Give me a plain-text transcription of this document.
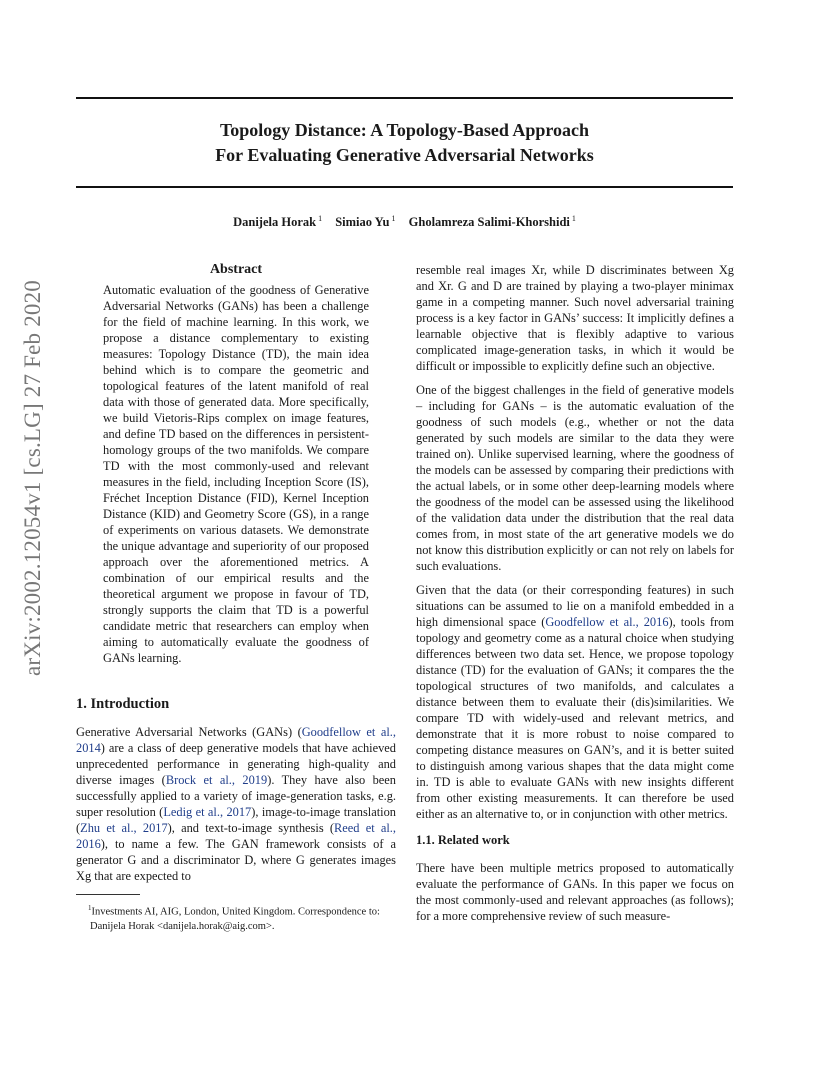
Topology Distance: A Topology-Based Approach
For Evaluating Generative Adversarial Networks
Danijela Horak $^1$ Simiao Yu $^1$ Gholamreza Salimi-Khorshidi $^1$
arXiv:2002.12054v1 [cs.LG] 27 Feb 2020
Abstract
Automatic evaluation of the goodness of Generative Adversarial Networks (GANs) has been a challenge for the field of machine learning. In this work, we propose a distance complementary to existing measures: Topology Distance (TD), the main idea behind which is to compare the geometric and topological features of the latent manifold of real data with those of generated data. More specifically, we build Vietoris-Rips complex on image features, and define TD based on the differences in persistent-homology groups of the two manifolds. We compare TD with the most commonly-used and relevant measures in the field, including Inception Score (IS), Fréchet Inception Distance (FID), Kernel Inception Distance (KID) and Geometry Score (GS), in a range of experiments on various datasets. We demonstrate the unique advantage and superiority of our proposed approach over the aforementioned metrics. A combination of our empirical results and the theoretical argument we propose in favour of TD, strongly supports the claim that TD is a powerful candidate metric that researchers can employ when aiming to automatically evaluate the goodness of GANs learning.
1. Introduction

Generative Adversarial Networks (GANs) (Goodfellow et al., 2014) are a class of deep generative models that have achieved unprecedented performance in generating high-quality and diverse images (Brock et al., 2019). They have also been successfully applied to a variety of image-generation tasks, e.g. super resolution (Ledig et al., 2017), image-to-image translation (Zhu et al., 2017), and text-to-image synthesis (Reed et al., 2016), to name a few. The GAN framework consists of a generator G and a discriminator D, where G generates images Xg that are expected to

$^1$Investments AI, AIG, London, United Kingdom. Correspondence to: Danijela Horak <danijela.horak@aig.com>.

resemble real images Xr, while D discriminates between Xg and Xr. G and D are trained by playing a two-player minimax game in a competing manner. Such novel adversarial training process is a key factor in GANs’ success: It implicitly defines a learnable objective that is flexibly adaptive to various complicated image-generation tasks, in which it would be difficult or impossible to explicitly define such an objective.

One of the biggest challenges in the field of generative models – including for GANs – is the automatic evaluation of the goodness of such models (e.g., whether or not the data generated by such models are similar to the data they were trained on). Unlike supervised learning, where the goodness of the models can be assessed by comparing their predictions with the actual labels, or in some other deep-learning models where the goodness of the model can be assessed using the likelihood of the validation data under the distribution that the real data comes from, in most state of the art generative models we do not know this distribution explicitly or can not rely on labels for such evaluations.

Given that the data (or their corresponding features) in such situations can be assumed to lie on a manifold embedded in a high dimensional space (Goodfellow et al., 2016), tools from topology and geometry come as a natural choice when studying differences between two data set. Hence, we propose topology distance (TD) for the evaluation of GANs; it compares the the topological structures of two manifolds, and calculates a distance between them to evaluate their (dis)similarities. We compare TD with widely-used and relevant metrics, and demonstrate that it is more robust to noise compared to competing distance measures on GAN’s, and it is better suited to distinguish among various shapes that the data might come in. TD is able to evaluate GANs with new insights different from other existing measurements. It can therefore be used either as an alternative to, or in conjunction with other metrics.

1.1. Related work

There have been multiple metrics proposed to automatically evaluate the performance of GANs. In this paper we focus on the most commonly-used and relevant approaches (as follows); for a more comprehensive review of such measure-
